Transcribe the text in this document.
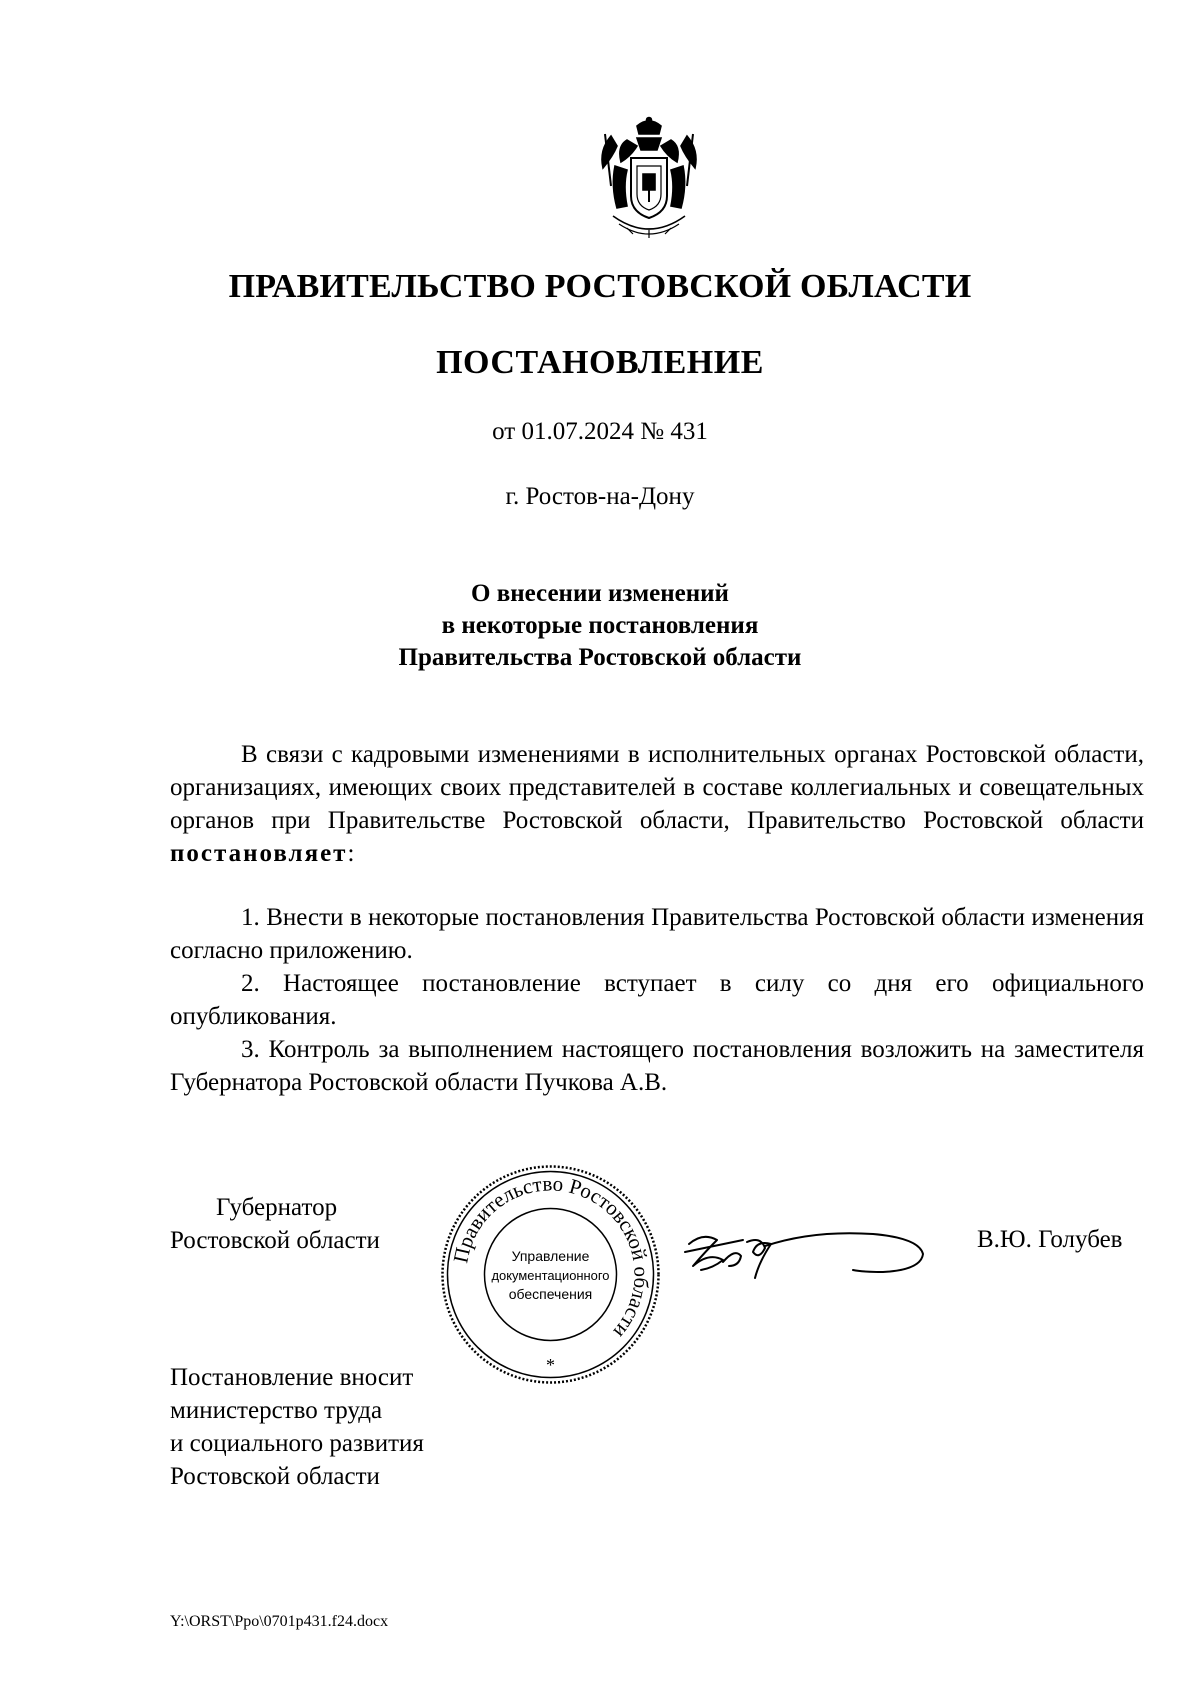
ПРАВИТЕЛЬСТВО РОСТОВСКОЙ ОБЛАСТИ
ПОСТАНОВЛЕНИЕ
от 01.07.2024 № 431
г. Ростов-на-Дону
О внесении изменений
в некоторые постановления
Правительства Ростовской области

В связи с кадровыми изменениями в исполнительных органах Ростовской области, организациях, имеющих своих представителей в составе коллегиальных и совещательных органов при Правительстве Ростовской области, Правительство Ростовской области постановляет:

1. Внести в некоторые постановления Правительства Ростовской области изменения согласно приложению.

2. Настоящее постановление вступает в силу со дня его официального опубликования.

3. Контроль за выполнением настоящего постановления возложить на заместителя Губернатора Ростовской области Пучкова А.В.

Губернатор
Ростовской области
Правительство Ростовской области
Управление
документационного
обеспечения
*
В.Ю. Голубев
Постановление вносит
министерство труда
и социального развития
Ростовской области
Y:\ORST\Ppo\0701p431.f24.docx
